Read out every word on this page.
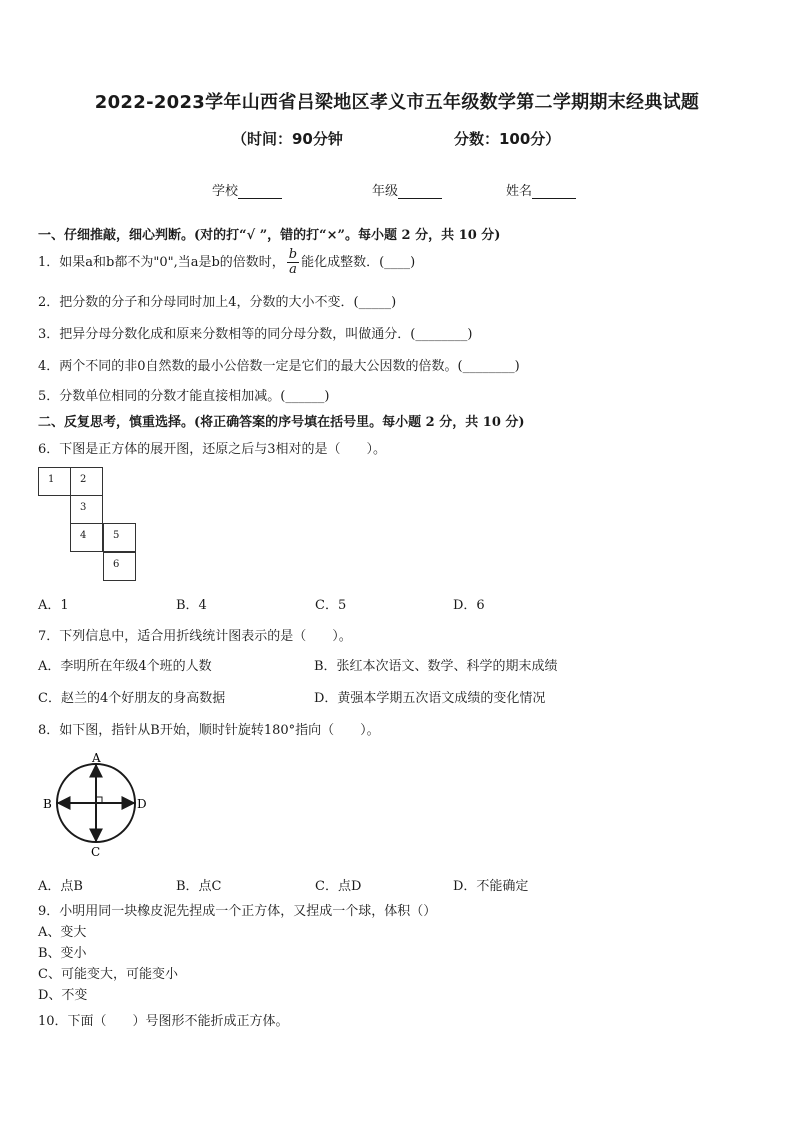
2022-2023学年山西省吕梁地区孝义市五年级数学第二学期期末经典试题
（时间：90分钟	分数：100分）
学校	年级	姓名
一、仔细推敲，细心判断。(对的打“√ ”，错的打“×”。每小题 2 分，共 10 分)
1．如果a和b都不为"0",当a是b的倍数时， $\frac{b}{a}$ 能化成整数．(____)
2．把分数的分子和分母同时加上4，分数的大小不变．(_____)
3．把异分母分数化成和原来分数相等的同分母分数，叫做通分．(________)
4．两个不同的非0自然数的最小公倍数一定是它们的最大公因数的倍数。(________)
5．分数单位相同的分数才能直接相加减。(______)
二、反复思考，慎重选择。(将正确答案的序号填在括号里。每小题 2 分，共 10 分)
6．下图是正方体的展开图，还原之后与3相对的是（　　）。
1	2
3
4	5
6
A．1	B．4	C．5	D．6
7．下列信息中，适合用折线统计图表示的是（　　）。
A．李明所在年级4个班的人数	B．张红本次语文、数学、科学的期末成绩
C．赵兰的4个好朋友的身高数据	D．黄强本学期五次语文成绩的变化情况
8．如下图，指针从B开始，顺时针旋转180°指向（　　）。
A
B
C
D
A．点B	B．点C	C．点D	D．不能确定
9．小明用同一块橡皮泥先捏成一个正方体，又捏成一个球，体积（）
A、变大
B、变小
C、可能变大，可能变小
D、不变
10．下面（　　）号图形不能折成正方体。
